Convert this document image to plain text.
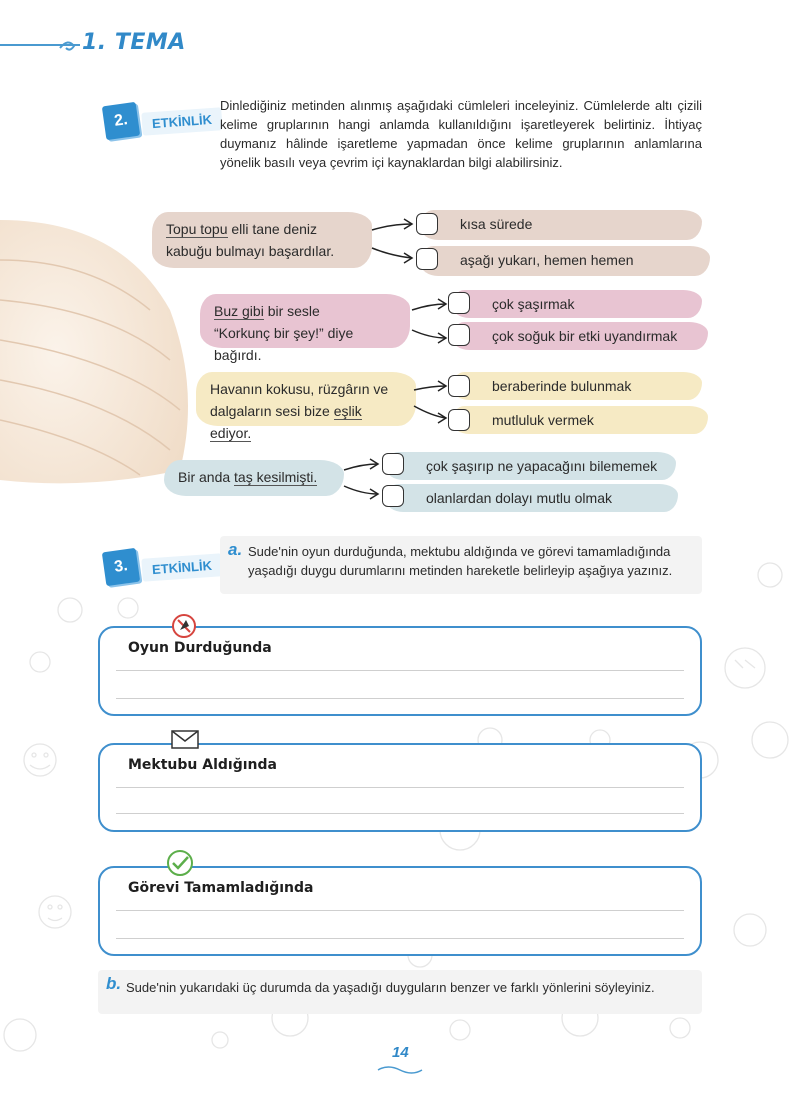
1. TEMA
2.	ETKİNLİK
Dinlediğiniz metinden alınmış aşağıdaki cümleleri inceleyiniz. Cümlelerde altı çizili kelime gruplarının hangi anlamda kullanıldığını işaretleyerek belirtiniz. İhtiyaç duymanız hâlinde işaretleme yapmadan önce kelime gruplarının anlamlarına yönelik basılı veya çevrim içi kaynaklardan bilgi alabilirsiniz.
Topu topu elli tane deniz
kabuğu bulmayı başardılar.
kısa sürede
aşağı yukarı, hemen hemen
Buz gibi bir sesle
“Korkunç bir şey!” diye bağırdı.
çok şaşırmak
çok soğuk bir etki uyandırmak
Havanın kokusu, rüzgârın ve
dalgaların sesi bize eşlik ediyor.
beraberinde bulunmak
mutluluk vermek
Bir anda taş kesilmişti.
çok şaşırıp ne yapacağını bilememek
olanlardan dolayı mutlu olmak
3.	ETKİNLİK
a. Sude'nin oyun durduğunda, mektubu aldığında ve görevi tamamladığında yaşadığı duygu durumlarını metinden hareketle belirleyip aşağıya yazınız.
Oyun Durduğunda
Mektubu Aldığında
Görevi Tamamladığında
b. Sude'nin yukarıdaki üç durumda da yaşadığı duyguların benzer ve farklı yönlerini söyleyiniz.
14
